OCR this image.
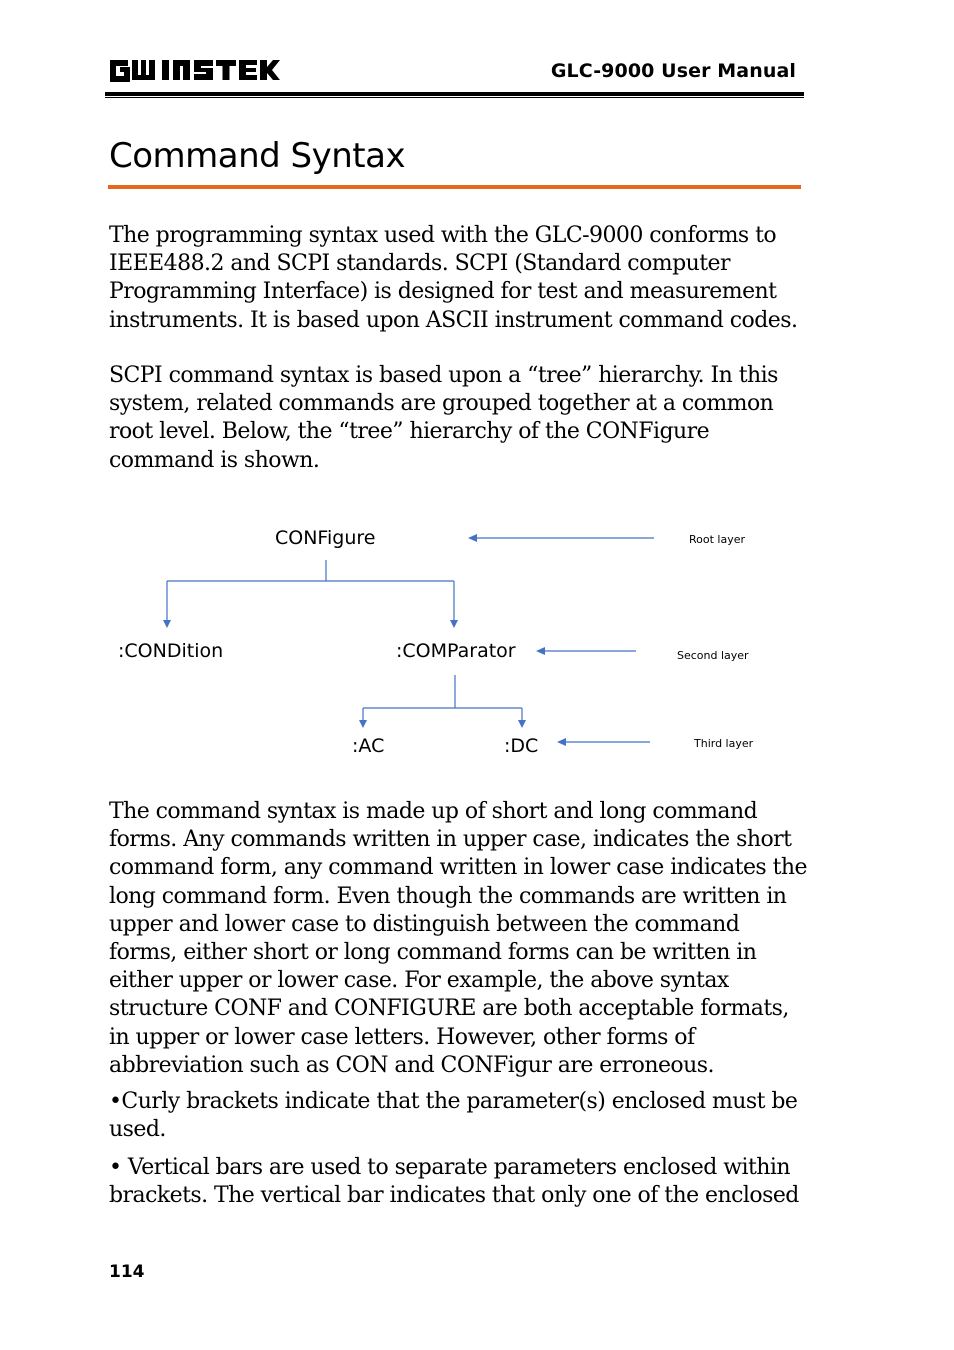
GLC-9000 User Manual
Command Syntax
The programming syntax used with the GLC-9000 conforms to IEEE488.2 and SCPI standards. SCPI (Standard computer Programming Interface) is designed for test and measurement instruments. It is based upon ASCII instrument command codes.
SCPI command syntax is based upon a “tree” hierarchy. In this system, related commands are grouped together at a common root level. Below, the “tree” hierarchy of the CONFigure command is shown.
CONFigure
:CONDition	:COMParator
:AC	:DC
Root layer
Second layer
Third layer
The command syntax is made up of short and long command forms. Any commands written in upper case, indicates the short command form, any command written in lower case indicates the long command form. Even though the commands are written in upper and lower case to distinguish between the command forms, either short or long command forms can be written in either upper or lower case. For example, the above syntax structure CONF and CONFIGURE are both acceptable formats, in upper or lower case letters. However, other forms of abbreviation such as CON and CONFigur are erroneous.
•Curly brackets indicate that the parameter(s) enclosed must be used.
• Vertical bars are used to separate parameters enclosed within brackets. The vertical bar indicates that only one of the enclosed
114
